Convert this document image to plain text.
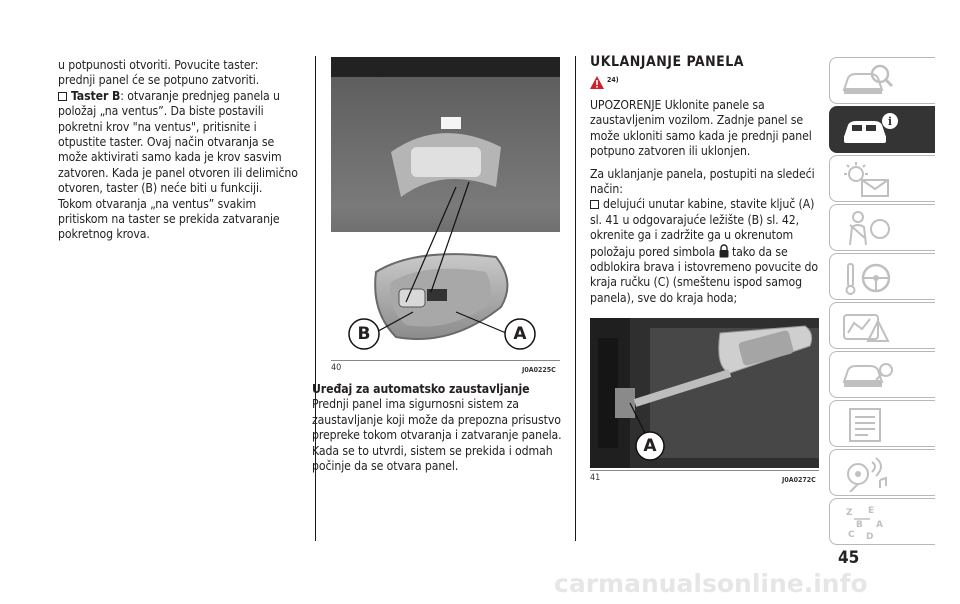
u potpunosti otvoriti. Povucite taster: prednji panel će se potpuno zatvoriti.

Taster B: otvaranje prednjeg panela u položaj „na ventus”. Da biste postavili pokretni krov "na ventus", pritisnite i otpustite taster. Ovaj način otvaranja se može aktivirati samo kada je krov sasvim zatvoren. Kada je panel otvoren ili delimično otvoren, taster (B) neće biti u funkciji. Tokom otvaranja „na ventus” svakim pritiskom na taster se prekida zatvaranje pokretnog krova.

B	A
40	J0A0225C

Uređaj za automatsko zaustavljanje

Prednji panel ima sigurnosni sistem za zaustavljanje koji može da prepozna prisustvo prepreke tokom otvaranja i zatvaranje panela. Kada se to utvrdi, sistem se prekida i odmah počinje da se otvara panel.

UKLANJANJE PANELA
24)

UPOZORENJE Uklonite panele sa zaustavljenim vozilom. Zadnje panel se može ukloniti samo kada je prednji panel potpuno zatvoren ili uklonjen.

Za uklanjanje panela, postupiti na sledeći način:

delujući unutar kabine, stavite ključ (A) sl. 41 u odgovarajuće ležište (B) sl. 42, okrenite ga i zadržite ga u okrenutom položaju pored simbola tako da se odblokira brava i istovremeno povucite do kraja ručku (C) (smeštenu ispod samog panela), sve do kraja hoda;

A
41	J0A0272C
i
Z E
B A
C D
45
carmanualsonline.info
